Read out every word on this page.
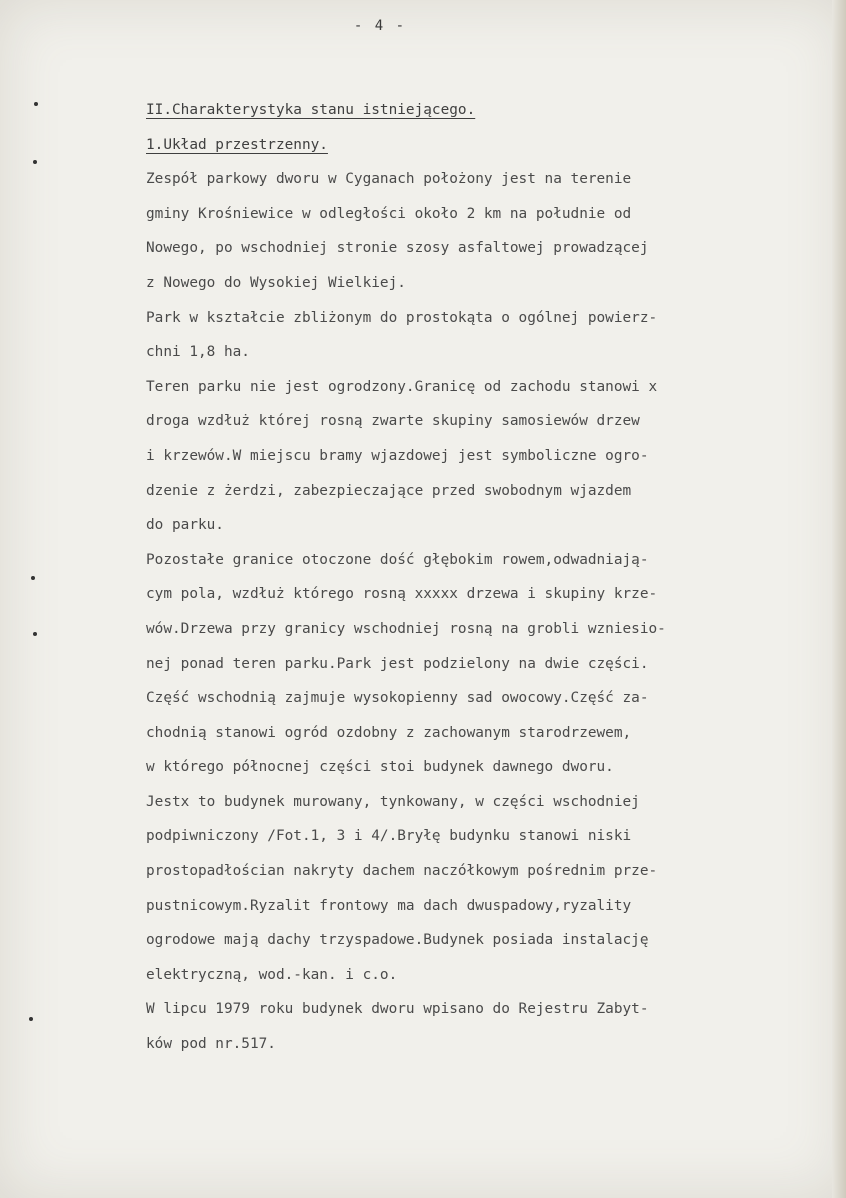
- 4 -
II.Charakterystyka stanu istniejącego.
1.Układ przestrzenny.
Zespół parkowy dworu w Cyganach położony jest na terenie
gminy Krośniewice w odległości około 2 km na południe od
Nowego, po wschodniej stronie szosy asfaltowej prowadzącej
z Nowego do Wysokiej Wielkiej.
Park w kształcie zbliżonym do prostokąta o ogólnej powierz-
chni 1,8 ha.
Teren parku nie jest ogrodzony.Granicę od zachodu stanowi x
droga wzdłuż której rosną zwarte skupiny samosiewów drzew
i krzewów.W miejscu bramy wjazdowej jest symboliczne ogro-
dzenie z żerdzi, zabezpieczające przed swobodnym wjazdem
do parku.
Pozostałe granice otoczone dość głębokim rowem,odwadniają-
cym pola, wzdłuż którego rosną xxxxx drzewa i skupiny krze-
wów.Drzewa przy granicy wschodniej rosną na grobli wzniesio-
nej ponad teren parku.Park jest podzielony na dwie części.
Część wschodnią zajmuje wysokopienny sad owocowy.Część za-
chodnią stanowi ogród ozdobny z zachowanym starodrzewem,
w którego północnej części stoi budynek dawnego dworu.
Jestx to budynek murowany, tynkowany, w części wschodniej
podpiwniczony /Fot.1, 3 i 4/.Bryłę budynku stanowi niski
prostopadłościan nakryty dachem naczółkowym pośrednim prze-
pustnicowym.Ryzalit frontowy ma dach dwuspadowy,ryzality
ogrodowe mają dachy trzyspadowe.Budynek posiada instalację
elektryczną, wod.-kan. i c.o.
W lipcu 1979 roku budynek dworu wpisano do Rejestru Zabyt-
ków pod nr.517.
